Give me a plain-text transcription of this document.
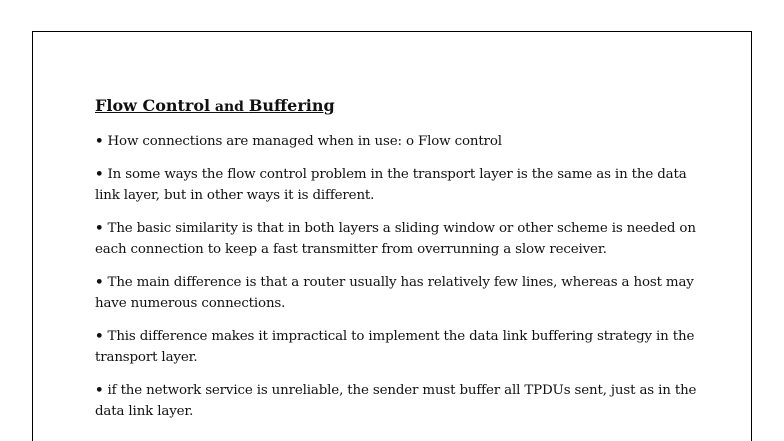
Flow Control and Buffering

• How connections are managed when in use: o Flow control

• In some ways the flow control problem in the transport layer is the same as in the data link layer, but in other ways it is different.

• The basic similarity is that in both layers a sliding window or other scheme is needed on each connection to keep a fast transmitter from overrunning a slow receiver.

• The main difference is that a router usually has relatively few lines, whereas a host may have numerous connections.

• This difference makes it impractical to implement the data link buffering strategy in the transport layer.

• if the network service is unreliable, the sender must buffer all TPDUs sent, just as in the data link layer.
